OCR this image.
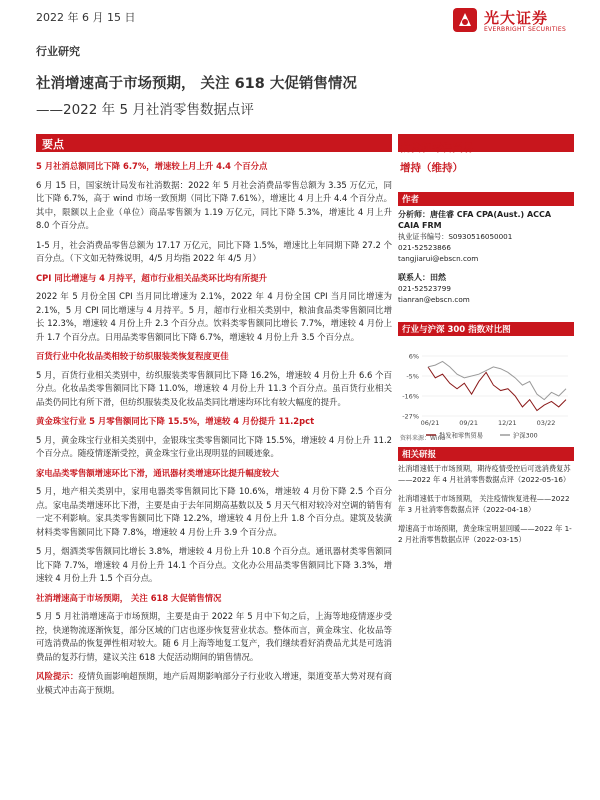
2022 年 6 月 15 日	光大证券
EVERBRIGHT SECURITIES
行业研究
社消增速高于市场预期， 关注 618 大促销售情况
——2022 年 5 月社消零售数据点评
要点
5 月社消总额同比下降 6.7%，增速较上月上升 4.4 个百分点

6 月 15 日，国家统计局发布社消数据：2022 年 5 月社会消费品零售总额为 3.35 万亿元，同比下降 6.7%，高于 wind 市场一致预期（同比下降 7.61%），增速比 4 月上升 4.4 个百分点。其中，限额以上企业（单位）商品零售额为 1.19 万亿元，同比下降 5.3%，增速比 4 月上升 8.0 个百分点。

1-5 月，社会消费品零售总额为 17.17 万亿元，同比下降 1.5%，增速比上年同期下降 27.2 个百分点。（下文如无特殊说明，4/5 月均指 2022 年 4/5 月）

CPI 同比增速与 4 月持平，超市行业相关品类环比均有所提升

2022 年 5 月份全国 CPI 当月同比增速为 2.1%，2022 年 4 月份全国 CPI 当月同比增速为 2.1%，5 月 CPI 同比增速与 4 月持平。5 月，超市行业相关类别中，粮油食品类零售额同比增长 12.3%，增速较 4 月份上升 2.3 个百分点。饮料类零售额同比增长 7.7%，增速较 4 月份上升 1.7 个百分点。日用品类零售额同比下降 6.7%，增速较 4 月份上升 3.5 个百分点。

百货行业中化妆品类相较于纺织服装类恢复程度更佳

5 月，百货行业相关类别中，纺织服装类零售额同比下降 16.2%，增速较 4 月份上升 6.6 个百分点。化妆品类零售额同比下降 11.0%，增速较 4 月份上升 11.3 个百分点。虽百货行业相关品类仍同比有所下滑，但纺织服装类及化妆品类同比增速均环比有较大幅度的提升。

黄金珠宝行业 5 月零售额同比下降 15.5%，增速较 4 月份提升 11.2pct

5 月，黄金珠宝行业相关类别中，金银珠宝类零售额同比下降 15.5%，增速较 4 月份上升 11.2 个百分点。随疫情逐渐受控，黄金珠宝行业出现明显的回暖迹象。

家电品类零售额增速环比下滑，通讯器材类增速环比提升幅度较大

5 月，地产相关类别中，家用电器类零售额同比下降 10.6%，增速较 4 月份下降 2.5 个百分点。家电品类增速环比下滑，主要是由于去年同期高基数以及 5 月天气相对较冷对空调的销售有一定不利影响。家具类零售额同比下降 12.2%，增速较 4 月份上升 1.8 个百分点。建筑及装潢材料类零售额同比下降 7.8%，增速较 4 月份上升 3.9 个百分点。

5 月，烟酒类零售额同比增长 3.8%，增速较 4 月份上升 10.8 个百分点。通讯器材类零售额同比下降 7.7%，增速较 4 月份上升 14.1 个百分点。文化办公用品类零售额同比下降 3.3%，增速较 4 月份上升 1.5 个百分点。

社消增速高于市场预期， 关注 618 大促销售情况

5 月 5 月社消增速高于市场预期，主要是由于 2022 年 5 月中下旬之后，上海等地疫情逐步受控，快递物流逐渐恢复，部分区域的门店也逐步恢复营业状态。整体而言，黄金珠宝、化妆品等可选消费品的恢复弹性相对较大。随 6 月上海等地复工复产，我们继续看好消费品尤其是可选消费品的复苏行情，建议关注 618 大促活动期间的销售情况。

风险提示：疫情负面影响超预期，地产后周期影响部分子行业收入增速，渠道变革大势对现有商业模式冲击高于预期。

批发和零售贸易
增持（维持）
作者
分析师：唐佳睿 CFA CPA(Aust.) ACCA
CAIA FRM
执业证书编号：S0930516050001
021-52523866
tangjiarui@ebscn.com
联系人：田然
021-52523799
tianran@ebscn.com
行业与沪深 300 指数对比图
6%
-5%
-16%
-27%
06/21	09/21	12/21	03/22
批发和零售贸易	沪深300
资料来源：Wind
相关研报
社消增速低于市场预期，期待疫情受控后可选消费复苏——2022 年 4 月社消零售数据点评（2022-05-16）
社消增速低于市场预期， 关注疫情恢复进程——2022 年 3 月社消零售数据点评（2022-04-18）
增速高于市场预期，黄金珠宝明显回暖——2022 年 1-2 月社消零售数据点评（2022-03-15）
